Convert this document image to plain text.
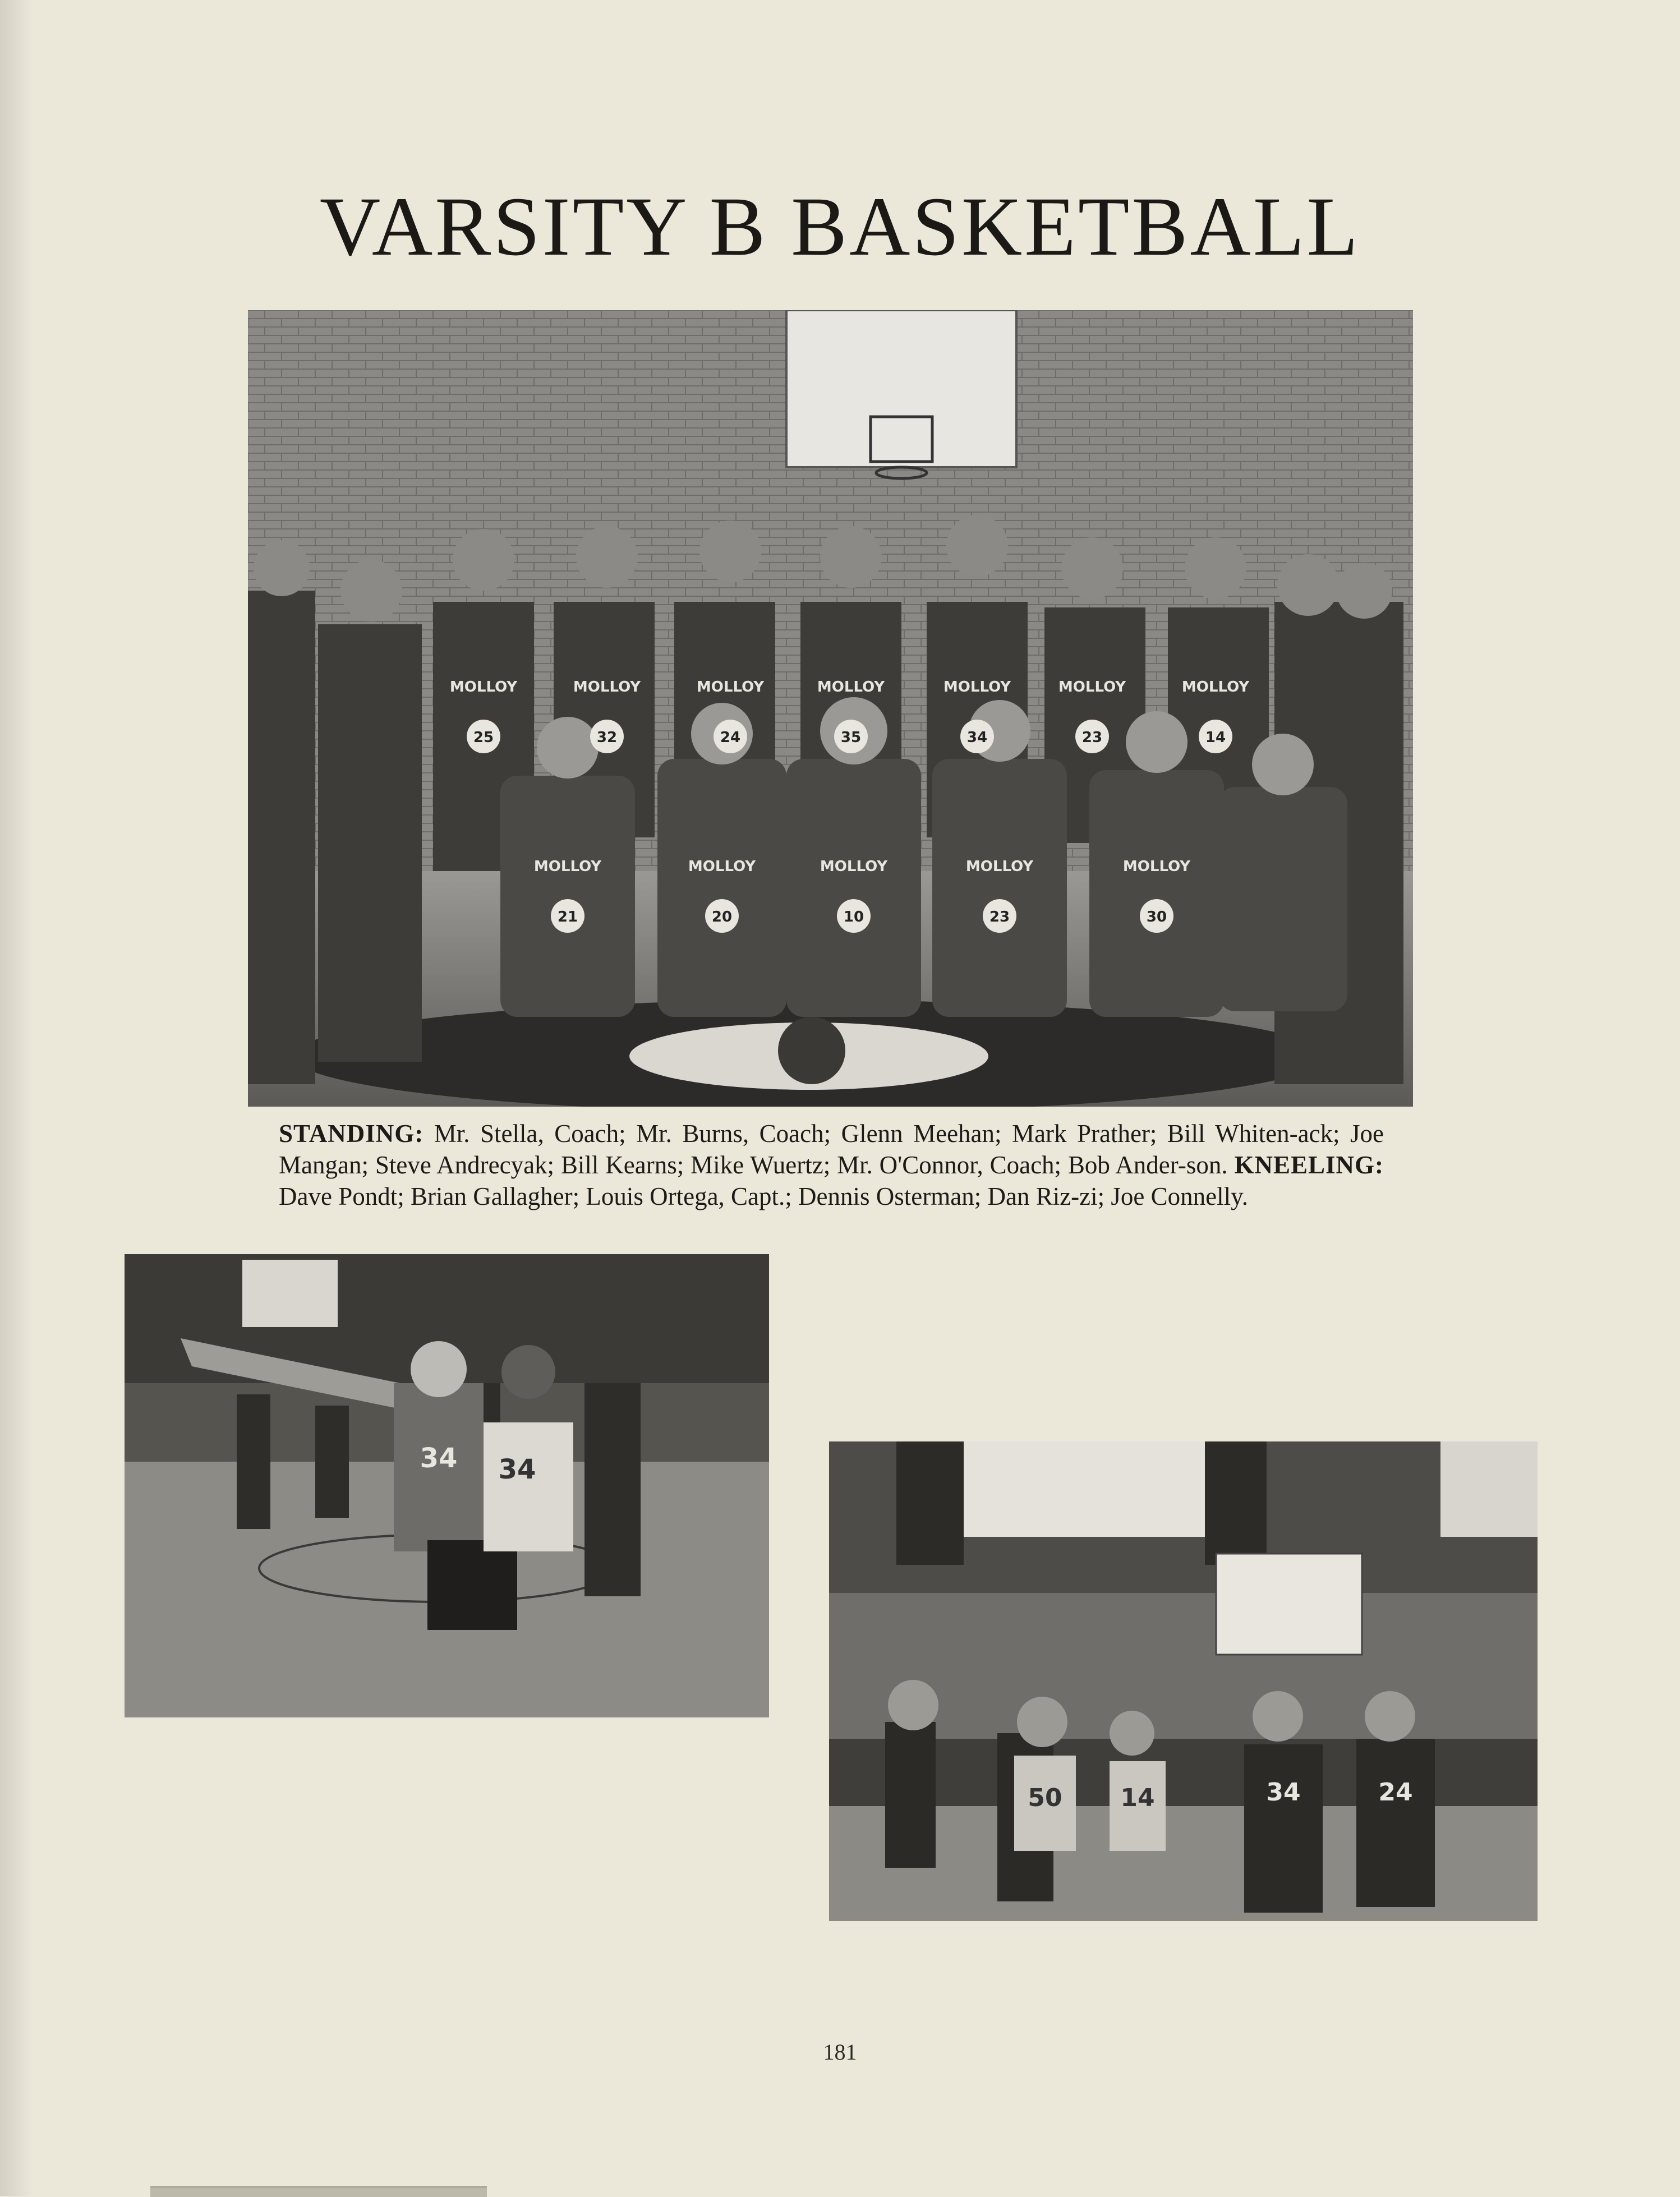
VARSITY B BASKETBALL
MOLLOY
25
MOLLOY
32
MOLLOY
24
MOLLOY
35
MOLLOY
34
MOLLOY
23
MOLLOY
14
MOLLOY
21
MOLLOY
20
MOLLOY
10
MOLLOY
23
MOLLOY
30

STANDING: Mr. Stella, Coach; Mr. Burns, Coach; Glenn Meehan; Mark Prather; Bill Whiten-ack; Joe Mangan; Steve Andrecyak; Bill Kearns; Mike Wuertz; Mr. O'Connor, Coach; Bob Ander-son. KNEELING: Dave Pondt; Brian Gallagher; Louis Ortega, Capt.; Dennis Osterman; Dan Riz-zi; Joe Connelly.

34 34
50 14	34	24
181
